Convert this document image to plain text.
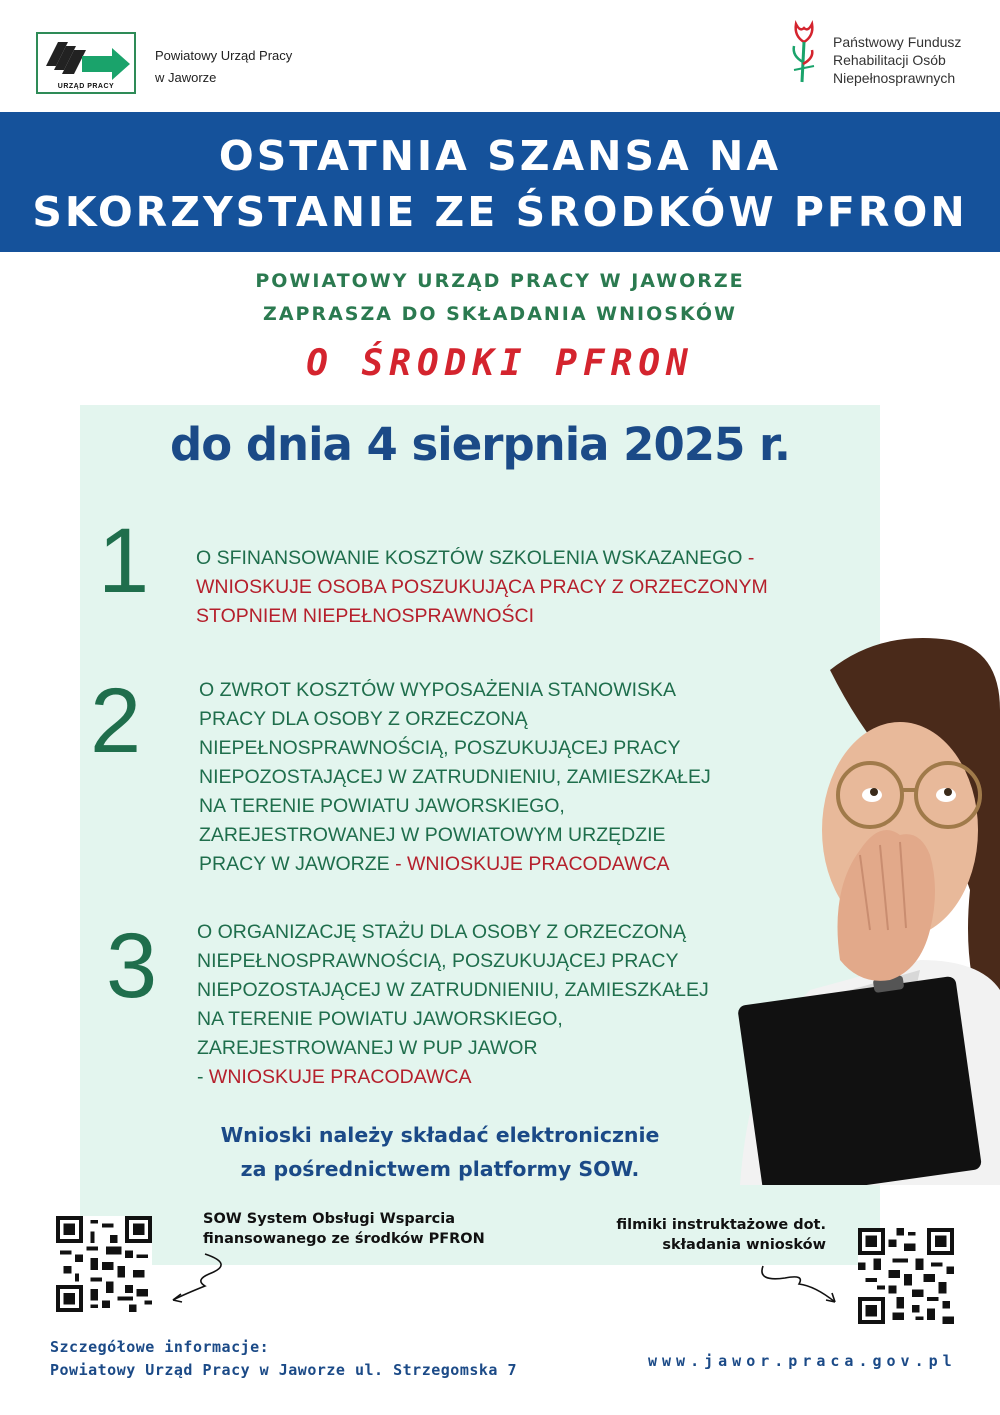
URZĄD PRACY
Powiatowy Urząd Pracy
w Jaworze
Państwowy Fundusz
Rehabilitacji Osób
Niepełnosprawnych
OSTATNIA SZANSA NA
SKORZYSTANIE ZE ŚRODKÓW PFRON
POWIATOWY URZĄD PRACY W JAWORZE
ZAPRASZA DO SKŁADANIA WNIOSKÓW
O ŚRODKI PFRON
do dnia 4 sierpnia 2025 r.
1 O SFINANSOWANIE KOSZTÓW SZKOLENIA WSKAZANEGO -
WNIOSKUJE OSOBA POSZUKUJĄCA PRACY Z ORZECZONYM
STOPNIEM NIEPEŁNOSPRAWNOŚCI
2	O ZWROT KOSZTÓW WYPOSAŻENIA STANOWISKA
PRACY DLA OSOBY Z ORZECZONĄ
NIEPEŁNOSPRAWNOŚCIĄ, POSZUKUJĄCEJ PRACY
NIEPOZOSTAJĄCEJ W ZATRUDNIENIU, ZAMIESZKAŁEJ
NA TERENIE POWIATU JAWORSKIEGO,
ZAREJESTROWANEJ W POWIATOWYM URZĘDZIE
PRACY W JAWORZE - WNIOSKUJE PRACODAWCA
3 O ORGANIZACJĘ STAŻU DLA OSOBY Z ORZECZONĄ
NIEPEŁNOSPRAWNOŚCIĄ, POSZUKUJĄCEJ PRACY
NIEPOZOSTAJĄCEJ W ZATRUDNIENIU, ZAMIESZKAŁEJ
NA TERENIE POWIATU JAWORSKIEGO,
ZAREJESTROWANEJ W PUP JAWOR
- WNIOSKUJE PRACODAWCA
Wnioski należy składać elektronicznie
za pośrednictwem platformy SOW.
SOW System Obsługi Wsparcia
finansowanego ze środków PFRON
filmiki instruktażowe dot.
składania wniosków
Szczegółowe informacje:
Powiatowy Urząd Pracy w Jaworze ul. Strzegomska 7	www.jawor.praca.gov.pl
